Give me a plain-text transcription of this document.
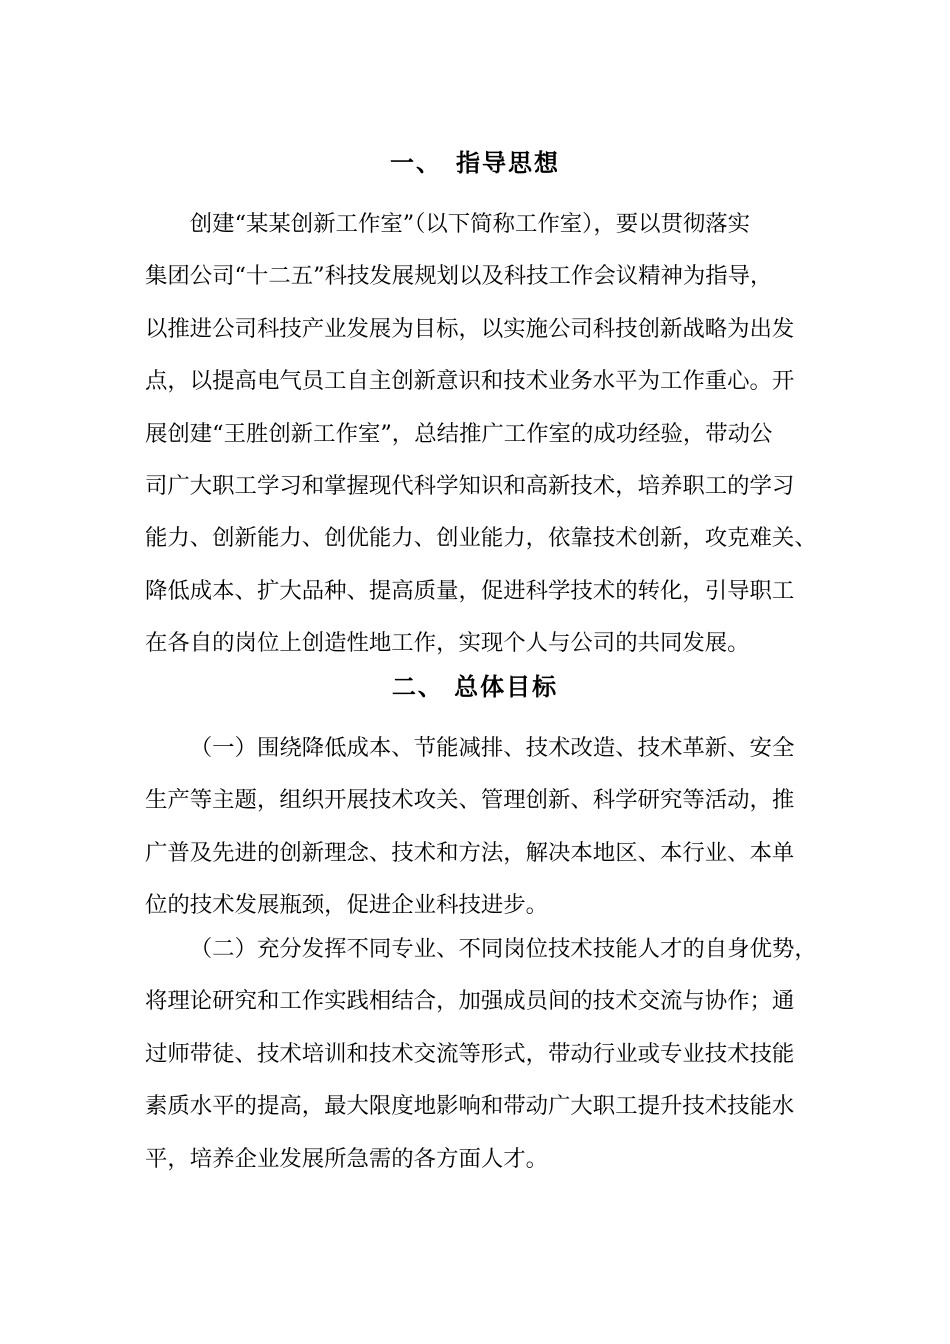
一、　指导思想
创建“某某创新工作室”（以下简称工作室），要以贯彻落实
集团公司“十二五”科技发展规划以及科技工作会议精神为指导，
以推进公司科技产业发展为目标，以实施公司科技创新战略为出发
点，以提高电气员工自主创新意识和技术业务水平为工作重心。开
展创建“王胜创新工作室”，总结推广工作室的成功经验，带动公
司广大职工学习和掌握现代科学知识和高新技术，培养职工的学习
能力、创新能力、创优能力、创业能力，依靠技术创新，攻克难关、
降低成本、扩大品种、提高质量，促进科学技术的转化，引导职工
在各自的岗位上创造性地工作，实现个人与公司的共同发展。
二、 总体目标
（一）围绕降低成本、节能减排、技术改造、技术革新、安全
生产等主题，组织开展技术攻关、管理创新、科学研究等活动，推
广普及先进的创新理念、技术和方法，解决本地区、本行业、本单
位的技术发展瓶颈，促进企业科技进步。
（二）充分发挥不同专业、不同岗位技术技能人才的自身优势，
将理论研究和工作实践相结合，加强成员间的技术交流与协作；通
过师带徒、技术培训和技术交流等形式，带动行业或专业技术技能
素质水平的提高，最大限度地影响和带动广大职工提升技术技能水
平，培养企业发展所急需的各方面人才。
